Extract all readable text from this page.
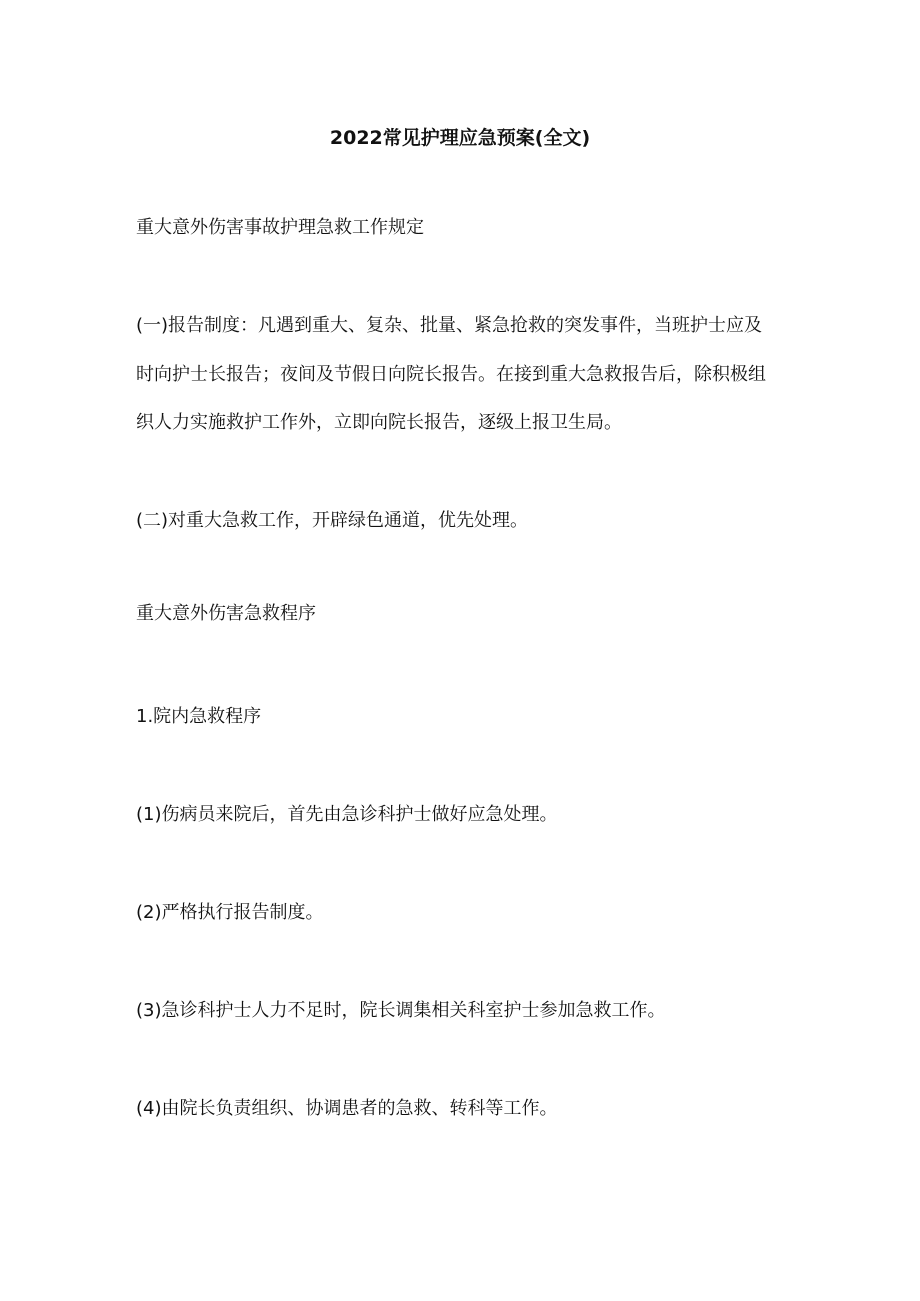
2022常见护理应急预案(全文)
重大意外伤害事故护理急救工作规定
(一)报告制度：凡遇到重大、复杂、批量、紧急抢救的突发事件，当班护士应及
时向护士长报告；夜间及节假日向院长报告。在接到重大急救报告后，除积极组
织人力实施救护工作外，立即向院长报告，逐级上报卫生局。
(二)对重大急救工作，开辟绿色通道，优先处理。
重大意外伤害急救程序
1.院内急救程序
(1)伤病员来院后，首先由急诊科护士做好应急处理。
(2)严格执行报告制度。
(3)急诊科护士人力不足时，院长调集相关科室护士参加急救工作。
(4)由院长负责组织、协调患者的急救、转科等工作。
